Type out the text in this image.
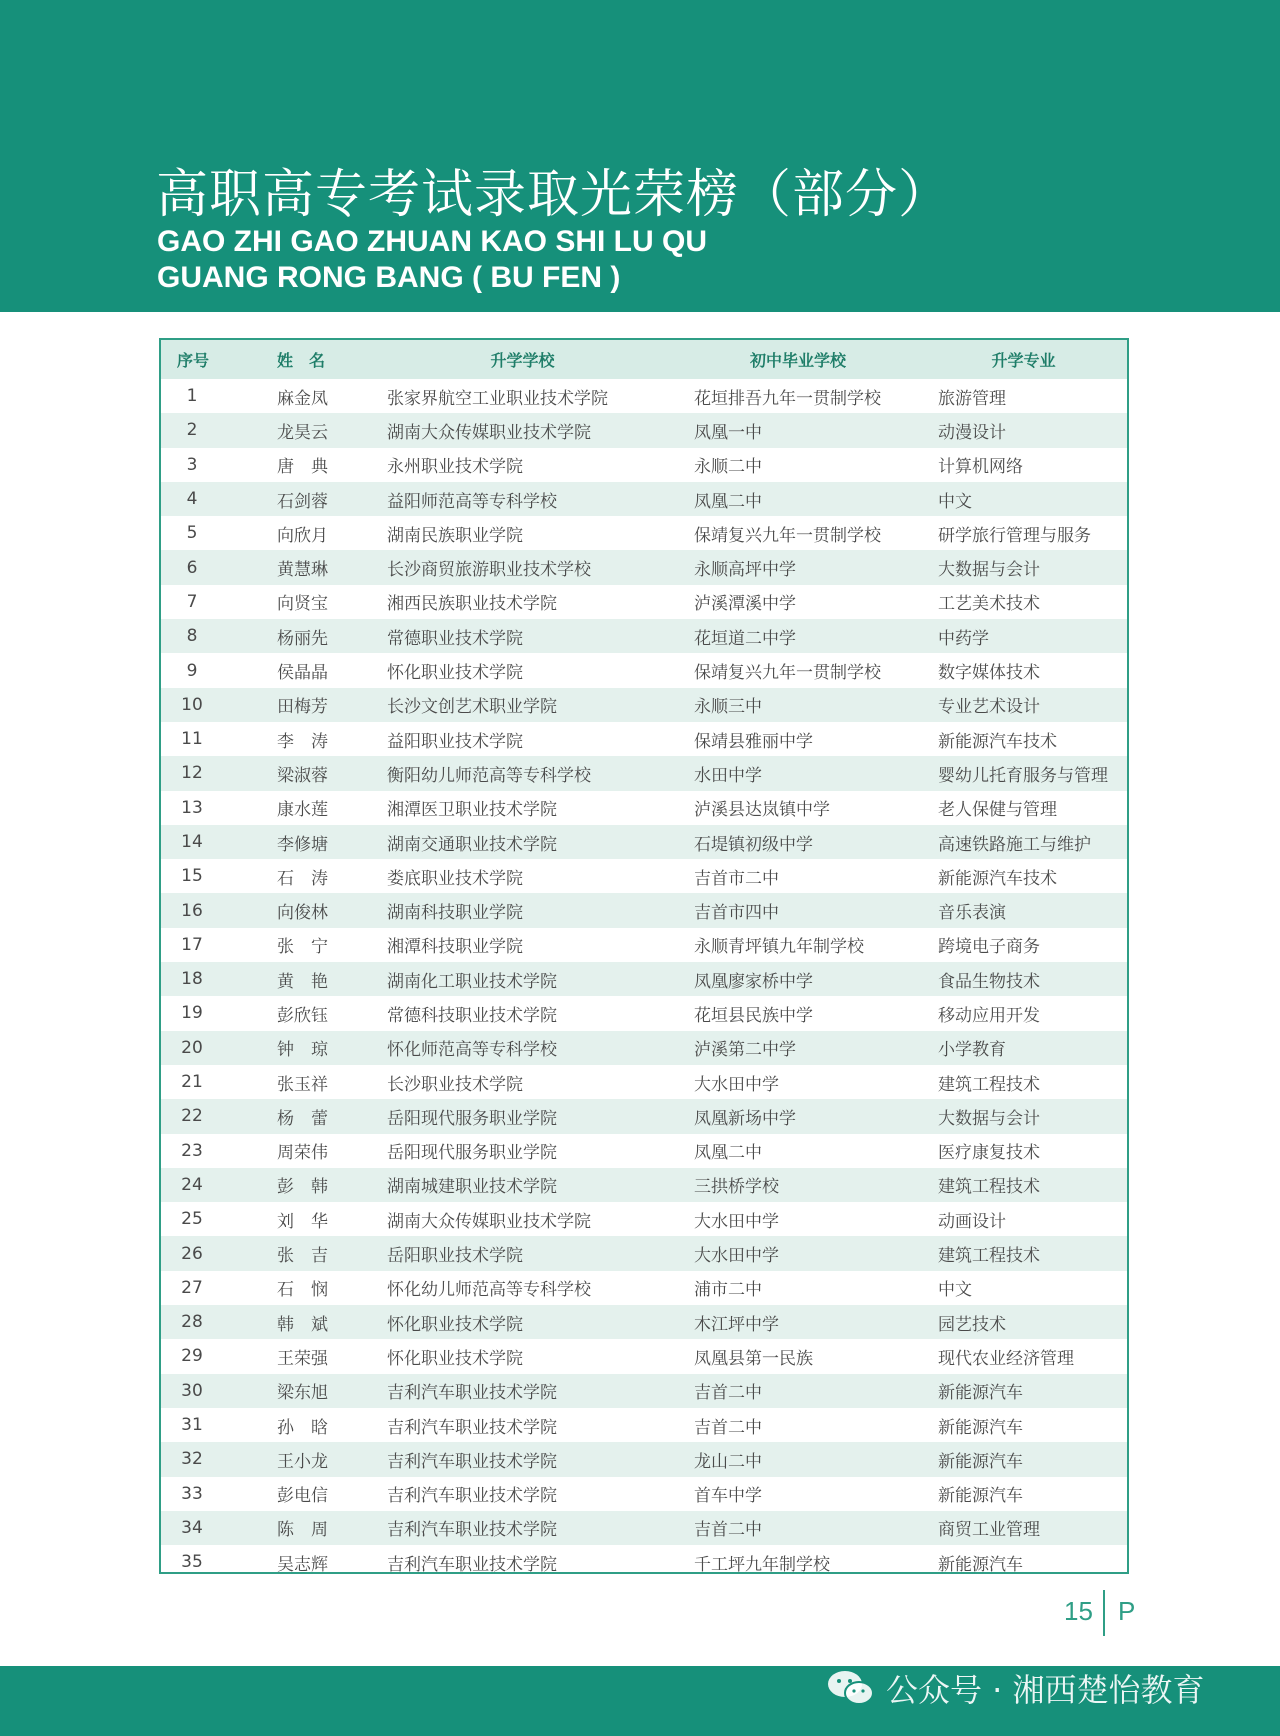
高职高专考试录取光荣榜（部分）
GAO ZHI GAO ZHUAN KAO SHI LU QU
GUANG RONG BANG ( BU FEN )
序号	姓　名	升学学校	初中毕业学校	升学专业
1	麻金凤	张家界航空工业职业技术学院	花垣排吾九年一贯制学校	旅游管理
2	龙昊云	湖南大众传媒职业技术学院	凤凰一中	动漫设计
3	唐　典	永州职业技术学院	永顺二中	计算机网络
4	石剑蓉	益阳师范高等专科学校	凤凰二中	中文
5	向欣月	湖南民族职业学院	保靖复兴九年一贯制学校	研学旅行管理与服务
6	黄慧琳	长沙商贸旅游职业技术学校	永顺高坪中学	大数据与会计
7	向贤宝	湘西民族职业技术学院	泸溪潭溪中学	工艺美术技术
8	杨丽先	常德职业技术学院	花垣道二中学	中药学
9	侯晶晶	怀化职业技术学院	保靖复兴九年一贯制学校	数字媒体技术
10	田梅芳	长沙文创艺术职业学院	永顺三中	专业艺术设计
11	李　涛	益阳职业技术学院	保靖县雅丽中学	新能源汽车技术
12	梁淑蓉	衡阳幼儿师范高等专科学校	水田中学	婴幼儿托育服务与管理
13	康水莲	湘潭医卫职业技术学院	泸溪县达岚镇中学	老人保健与管理
14	李修塘	湖南交通职业技术学院	石堤镇初级中学	高速铁路施工与维护
15	石　涛	娄底职业技术学院	吉首市二中	新能源汽车技术
16	向俊林	湖南科技职业学院	吉首市四中	音乐表演
17	张　宁	湘潭科技职业学院	永顺青坪镇九年制学校	跨境电子商务
18	黄　艳	湖南化工职业技术学院	凤凰廖家桥中学	食品生物技术
19	彭欣钰	常德科技职业技术学院	花垣县民族中学	移动应用开发
20	钟　琼	怀化师范高等专科学校	泸溪第二中学	小学教育
21	张玉祥	长沙职业技术学院	大水田中学	建筑工程技术
22	杨　蕾	岳阳现代服务职业学院	凤凰新场中学	大数据与会计
23	周荣伟	岳阳现代服务职业学院	凤凰二中	医疗康复技术
24	彭　韩	湖南城建职业技术学院	三拱桥学校	建筑工程技术
25	刘　华	湖南大众传媒职业技术学院	大水田中学	动画设计
26	张　吉	岳阳职业技术学院	大水田中学	建筑工程技术
27	石　悯	怀化幼儿师范高等专科学校	浦市二中	中文
28	韩　斌	怀化职业技术学院	木江坪中学	园艺技术
29	王荣强	怀化职业技术学院	凤凰县第一民族	现代农业经济管理
30	梁东旭	吉利汽车职业技术学院	吉首二中	新能源汽车
31	孙　晗	吉利汽车职业技术学院	吉首二中	新能源汽车
32	王小龙	吉利汽车职业技术学院	龙山二中	新能源汽车
33	彭电信	吉利汽车职业技术学院	首车中学	新能源汽车
34	陈　周	吉利汽车职业技术学院	吉首二中	商贸工业管理
35	吴志辉	吉利汽车职业技术学院	千工坪九年制学校	新能源汽车
15 P
公众号 · 湘西楚怡教育
